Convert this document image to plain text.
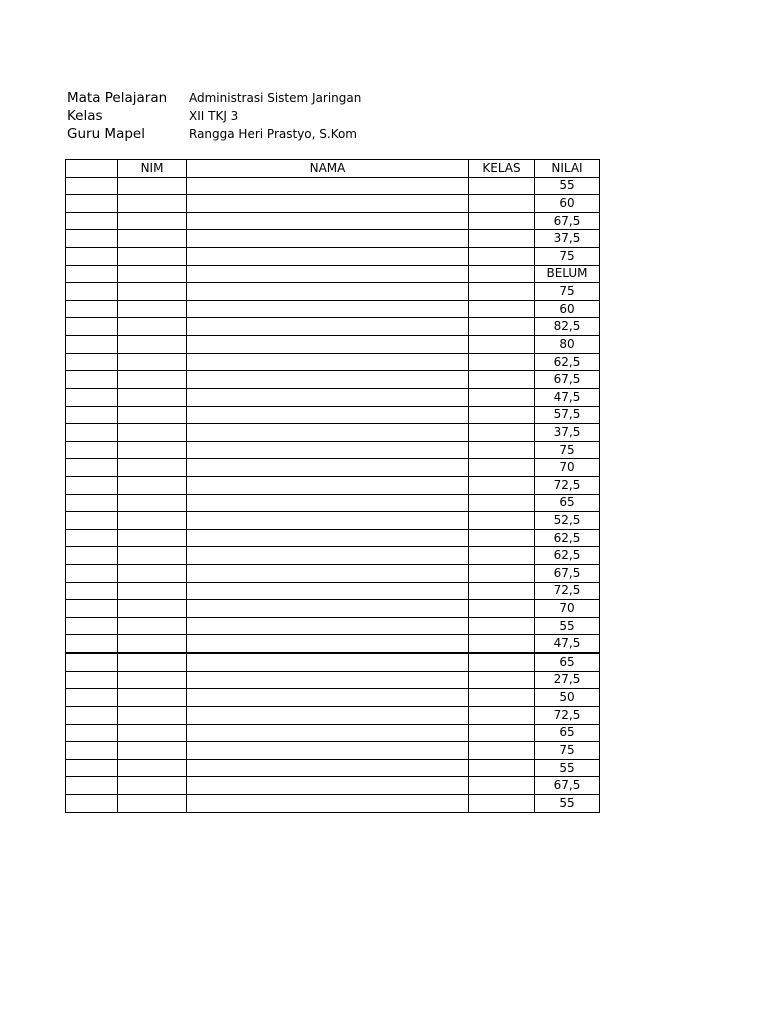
Mata Pelajaran	Administrasi Sistem Jaringan
Kelas	XII TKJ 3
Guru Mapel	Rangga Heri Prastyo, S.Kom
	NIM	NAMA	KELAS	NILAI
				55
				60
				67,5
				37,5
				75
				BELUM
				75
				60
				82,5
				80
				62,5
				67,5
				47,5
				57,5
				37,5
				75
				70
				72,5
				65
				52,5
				62,5
				62,5
				67,5
				72,5
				70
				55
				47,5
				65
				27,5
				50
				72,5
				65
				75
				55
				67,5
				55
